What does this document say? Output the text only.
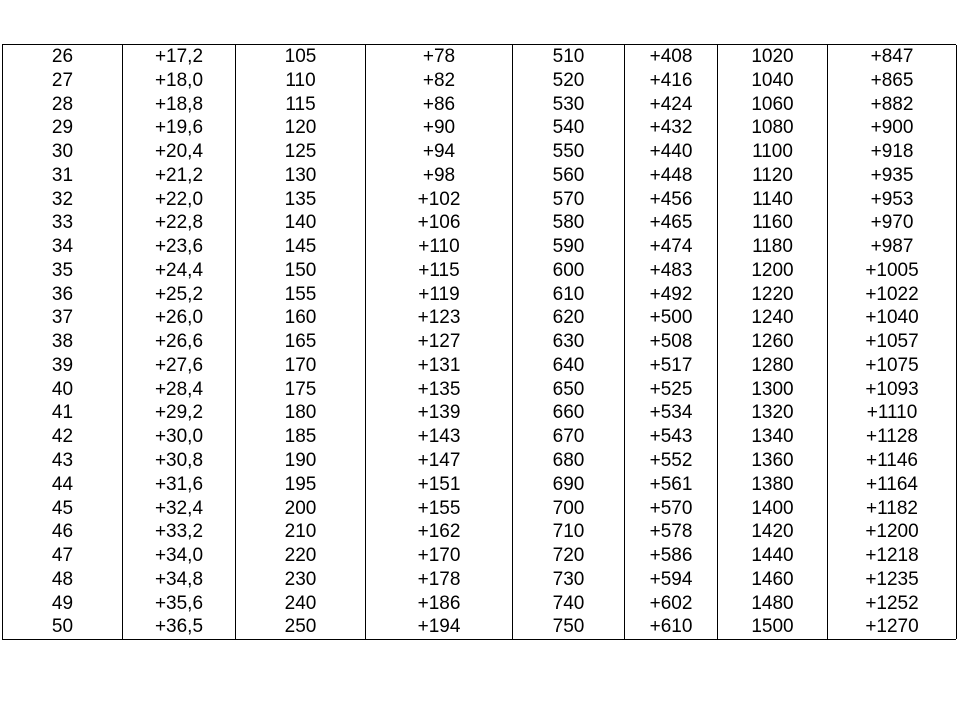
26	+17,2	105	+78	510	+408	1020	+847
27	+18,0	110	+82	520	+416	1040	+865
28	+18,8	115	+86	530	+424	1060	+882
29	+19,6	120	+90	540	+432	1080	+900
30	+20,4	125	+94	550	+440	1100	+918
31	+21,2	130	+98	560	+448	1120	+935
32	+22,0	135	+102	570	+456	1140	+953
33	+22,8	140	+106	580	+465	1160	+970
34	+23,6	145	+110	590	+474	1180	+987
35	+24,4	150	+115	600	+483	1200	+1005
36	+25,2	155	+119	610	+492	1220	+1022
37	+26,0	160	+123	620	+500	1240	+1040
38	+26,6	165	+127	630	+508	1260	+1057
39	+27,6	170	+131	640	+517	1280	+1075
40	+28,4	175	+135	650	+525	1300	+1093
41	+29,2	180	+139	660	+534	1320	+1110
42	+30,0	185	+143	670	+543	1340	+1128
43	+30,8	190	+147	680	+552	1360	+1146
44	+31,6	195	+151	690	+561	1380	+1164
45	+32,4	200	+155	700	+570	1400	+1182
46	+33,2	210	+162	710	+578	1420	+1200
47	+34,0	220	+170	720	+586	1440	+1218
48	+34,8	230	+178	730	+594	1460	+1235
49	+35,6	240	+186	740	+602	1480	+1252
50	+36,5	250	+194	750	+610	1500	+1270
